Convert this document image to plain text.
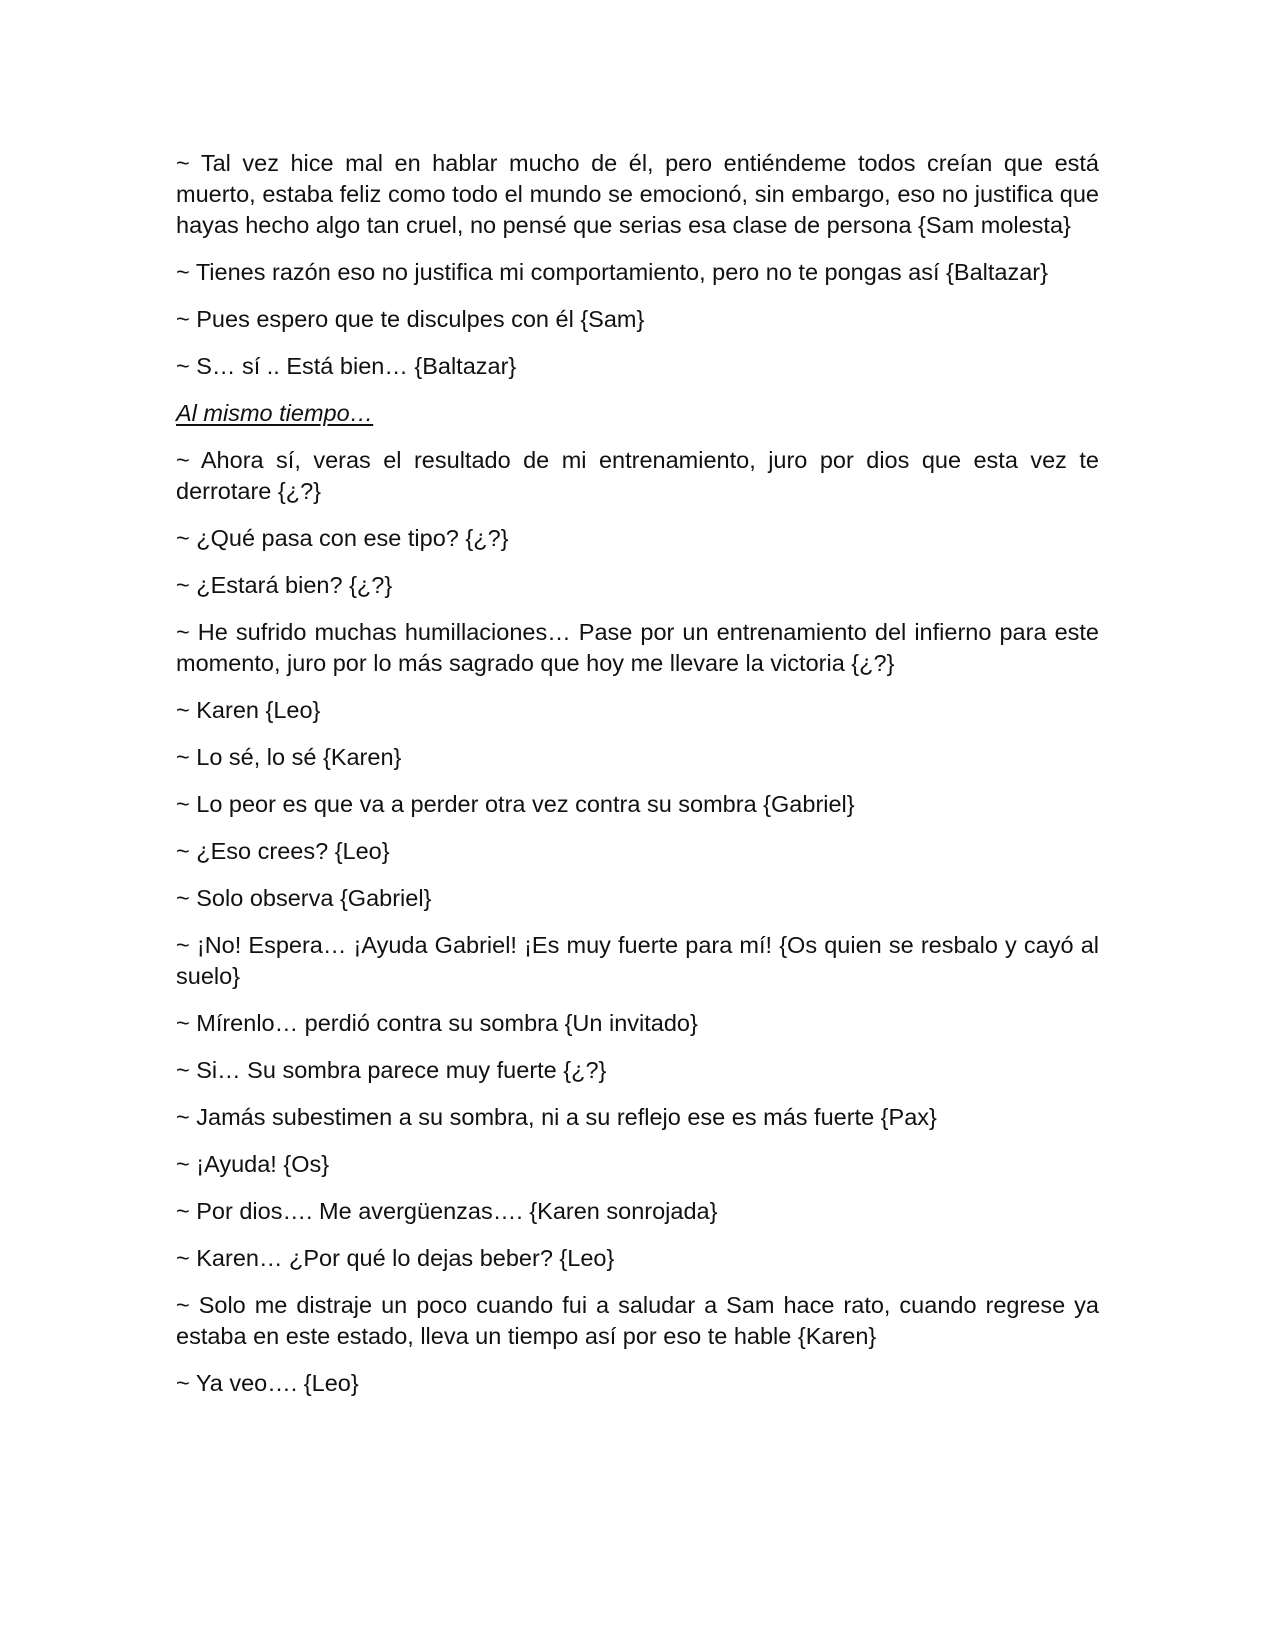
~ Tal vez hice mal en hablar mucho de él, pero entiéndeme todos creían que está muerto, estaba feliz como todo el mundo se emocionó, sin embargo, eso no justifica que hayas hecho algo tan cruel, no pensé que serias esa clase de persona {Sam molesta}

~ Tienes razón eso no justifica mi comportamiento, pero no te pongas así {Baltazar}

~ Pues espero que te disculpes con él {Sam}

~ S… sí .. Está bien… {Baltazar}

Al mismo tiempo…

~ Ahora sí, veras el resultado de mi entrenamiento, juro por dios que esta vez te derrotare {¿?}

~ ¿Qué pasa con ese tipo? {¿?}

~ ¿Estará bien? {¿?}

~ He sufrido muchas humillaciones… Pase por un entrenamiento del infierno para este momento, juro por lo más sagrado que hoy me llevare la victoria {¿?}

~ Karen {Leo}

~ Lo sé, lo sé {Karen}

~ Lo peor es que va a perder otra vez contra su sombra {Gabriel}

~ ¿Eso crees? {Leo}

~ Solo observa {Gabriel}

~ ¡No! Espera… ¡Ayuda Gabriel! ¡Es muy fuerte para mí! {Os quien se resbalo y cayó al suelo}

~ Mírenlo… perdió contra su sombra {Un invitado}

~ Si… Su sombra parece muy fuerte {¿?}

~ Jamás subestimen a su sombra, ni a su reflejo ese es más fuerte {Pax}

~ ¡Ayuda! {Os}

~ Por dios…. Me avergüenzas…. {Karen sonrojada}

~ Karen… ¿Por qué lo dejas beber? {Leo}

~ Solo me distraje un poco cuando fui a saludar a Sam hace rato, cuando regrese ya estaba en este estado, lleva un tiempo así por eso te hable {Karen}

~ Ya veo…. {Leo}
